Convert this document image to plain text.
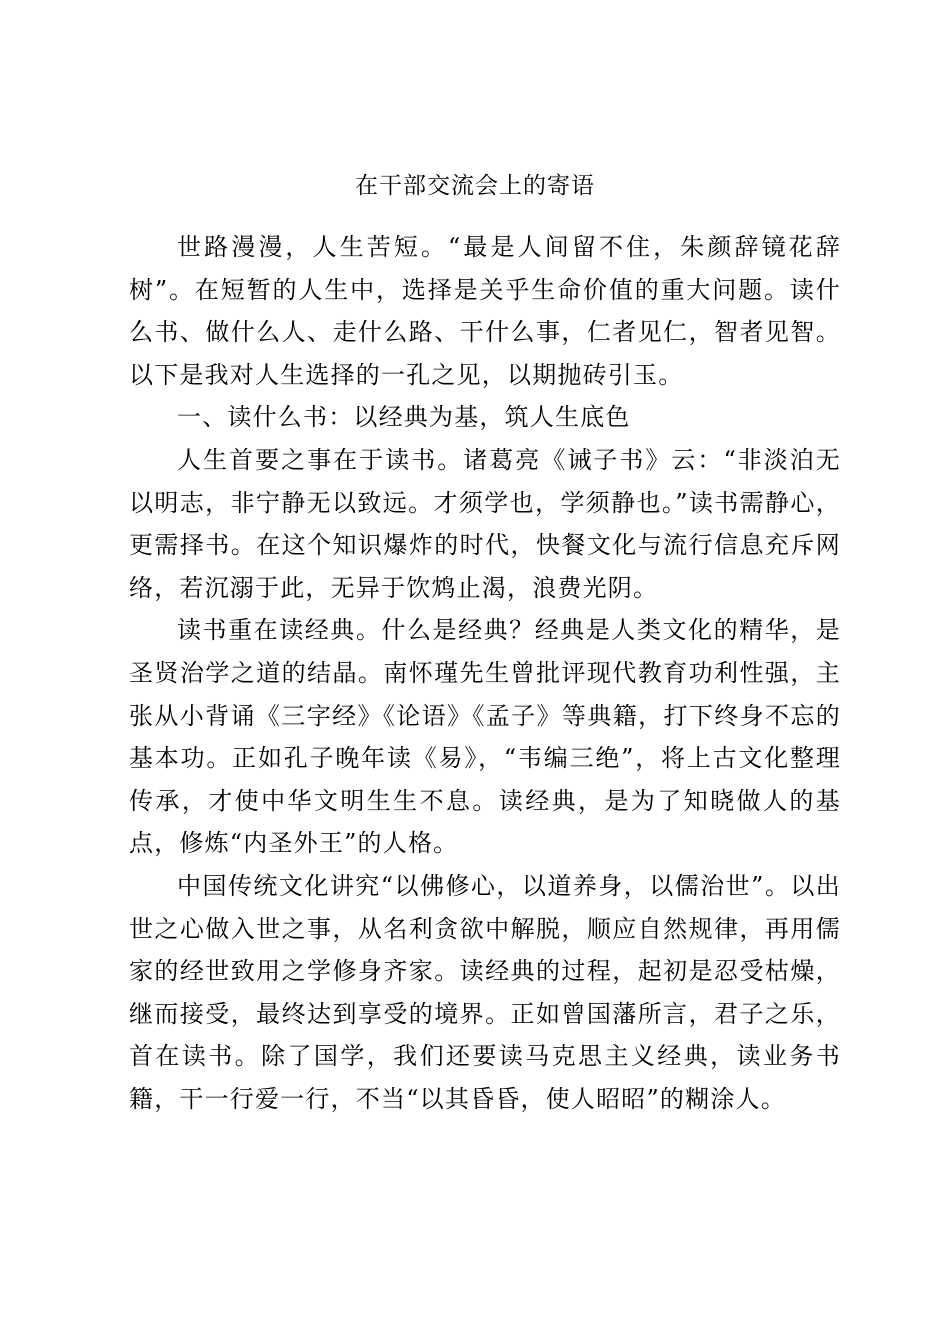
在干部交流会上的寄语

世路漫漫，人生苦短。“最是人间留不住，朱颜辞镜花辞树”。在短暂的人生中，选择是关乎生命价值的重大问题。读什么书、做什么人、走什么路、干什么事，仁者见仁，智者见智。以下是我对人生选择的一孔之见，以期抛砖引玉。

一、读什么书：以经典为基，筑人生底色

人生首要之事在于读书。诸葛亮《诫子书》云：“非淡泊无以明志，非宁静无以致远。才须学也，学须静也。”读书需静心，更需择书。在这个知识爆炸的时代，快餐文化与流行信息充斥网络，若沉溺于此，无异于饮鸩止渴，浪费光阴。

读书重在读经典。什么是经典？经典是人类文化的精华，是圣贤治学之道的结晶。南怀瑾先生曾批评现代教育功利性强，主张从小背诵《三字经》《论语》《孟子》等典籍，打下终身不忘的基本功。正如孔子晚年读《易》，“韦编三绝”，将上古文化整理传承，才使中华文明生生不息。读经典，是为了知晓做人的基点，修炼“内圣外王”的人格。

中国传统文化讲究“以佛修心，以道养身，以儒治世”。以出世之心做入世之事，从名利贪欲中解脱，顺应自然规律，再用儒家的经世致用之学修身齐家。读经典的过程，起初是忍受枯燥，继而接受，最终达到享受的境界。正如曾国藩所言，君子之乐，首在读书。除了国学，我们还要读马克思主义经典，读业务书籍，干一行爱一行，不当“以其昏昏，使人昭昭”的糊涂人。
